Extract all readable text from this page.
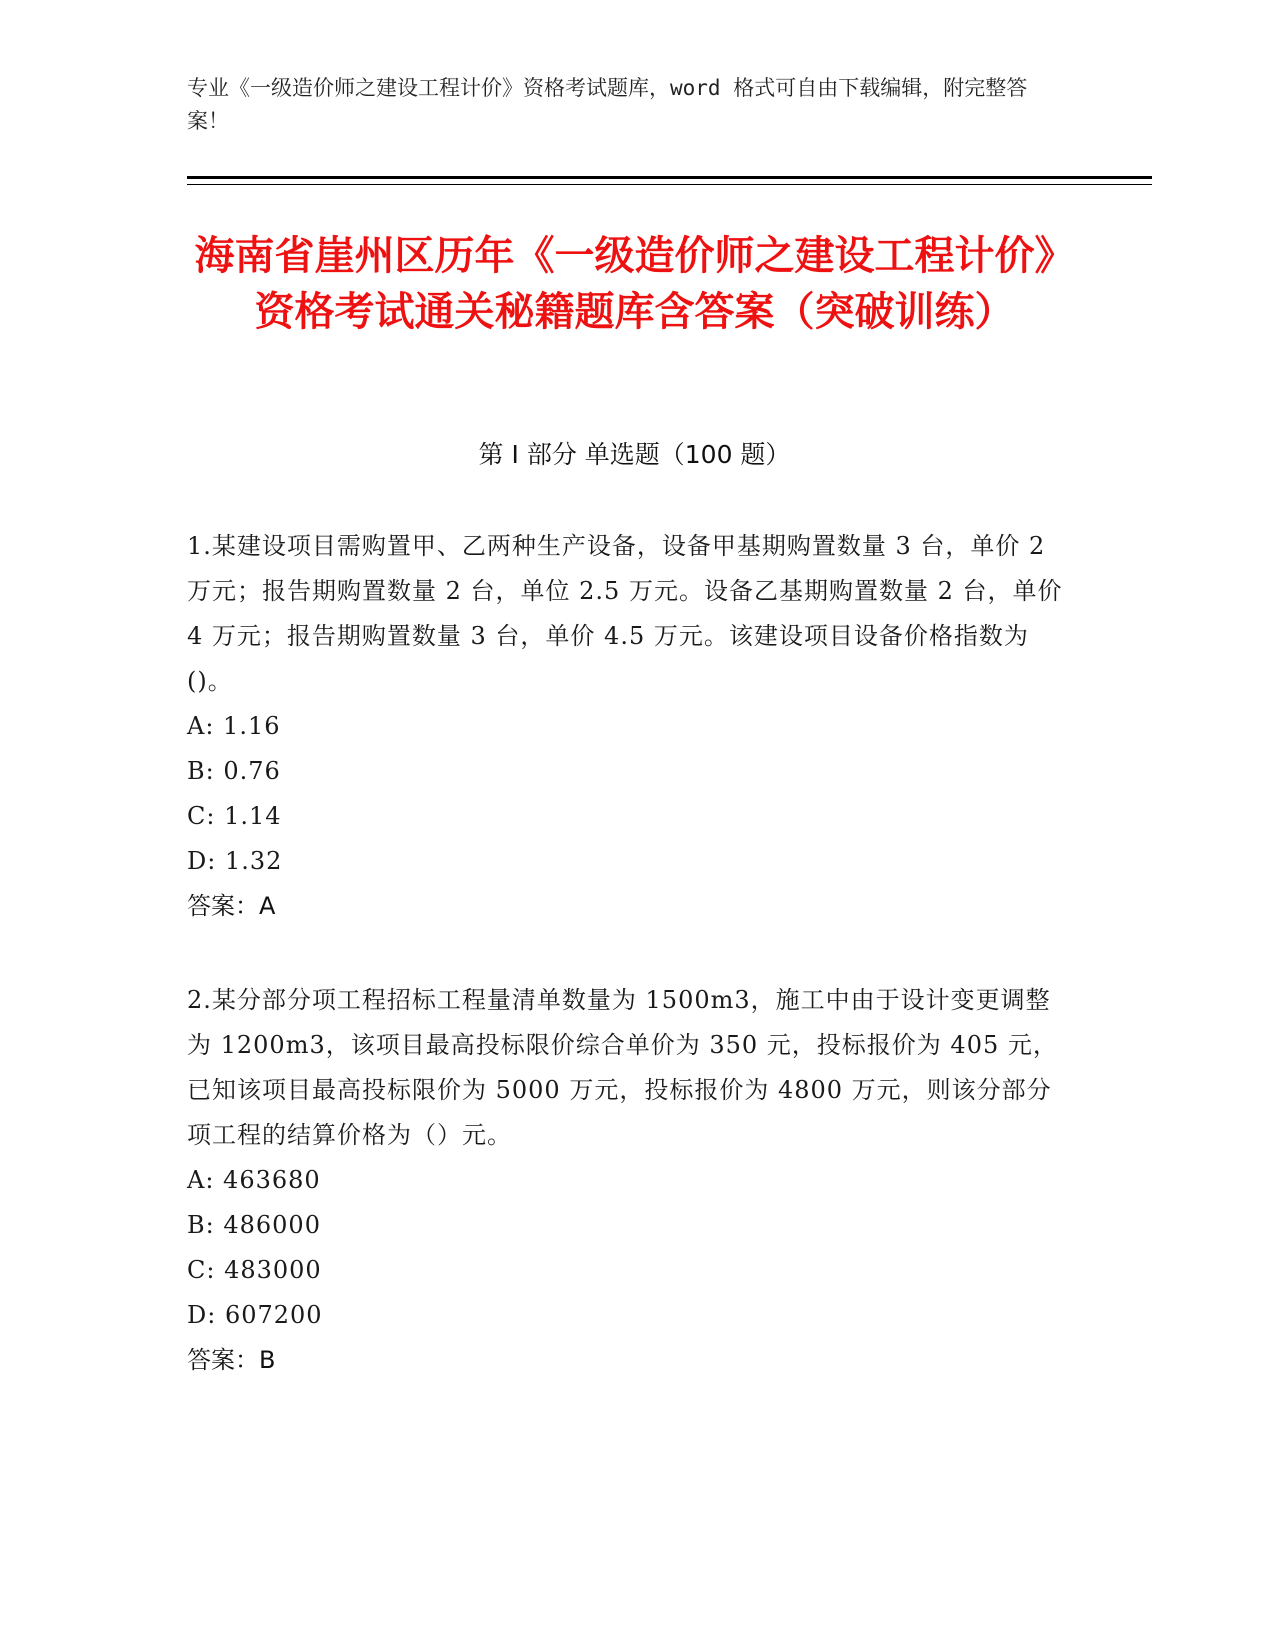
专业《一级造价师之建设工程计价》资格考试题库，word 格式可自由下载编辑，附完整答案！
海南省崖州区历年《一级造价师之建设工程计价》资格考试通关秘籍题库含答案（突破训练）
第 I 部分 单选题（100 题）
1.某建设项目需购置甲、乙两种生产设备，设备甲基期购置数量 3 台，单价 2 万元；报告期购置数量 2 台，单位 2.5 万元。设备乙基期购置数量 2 台，单价 4 万元；报告期购置数量 3 台，单价 4.5 万元。该建设项目设备价格指数为()。
A: 1.16
B: 0.76
C: 1.14
D: 1.32
答案：A
2.某分部分项工程招标工程量清单数量为 1500m3，施工中由于设计变更调整为 1200m3，该项目最高投标限价综合单价为 350 元，投标报价为 405 元，已知该项目最高投标限价为 5000 万元，投标报价为 4800 万元，则该分部分项工程的结算价格为（）元。
A: 463680
B: 486000
C: 483000
D: 607200
答案：B
